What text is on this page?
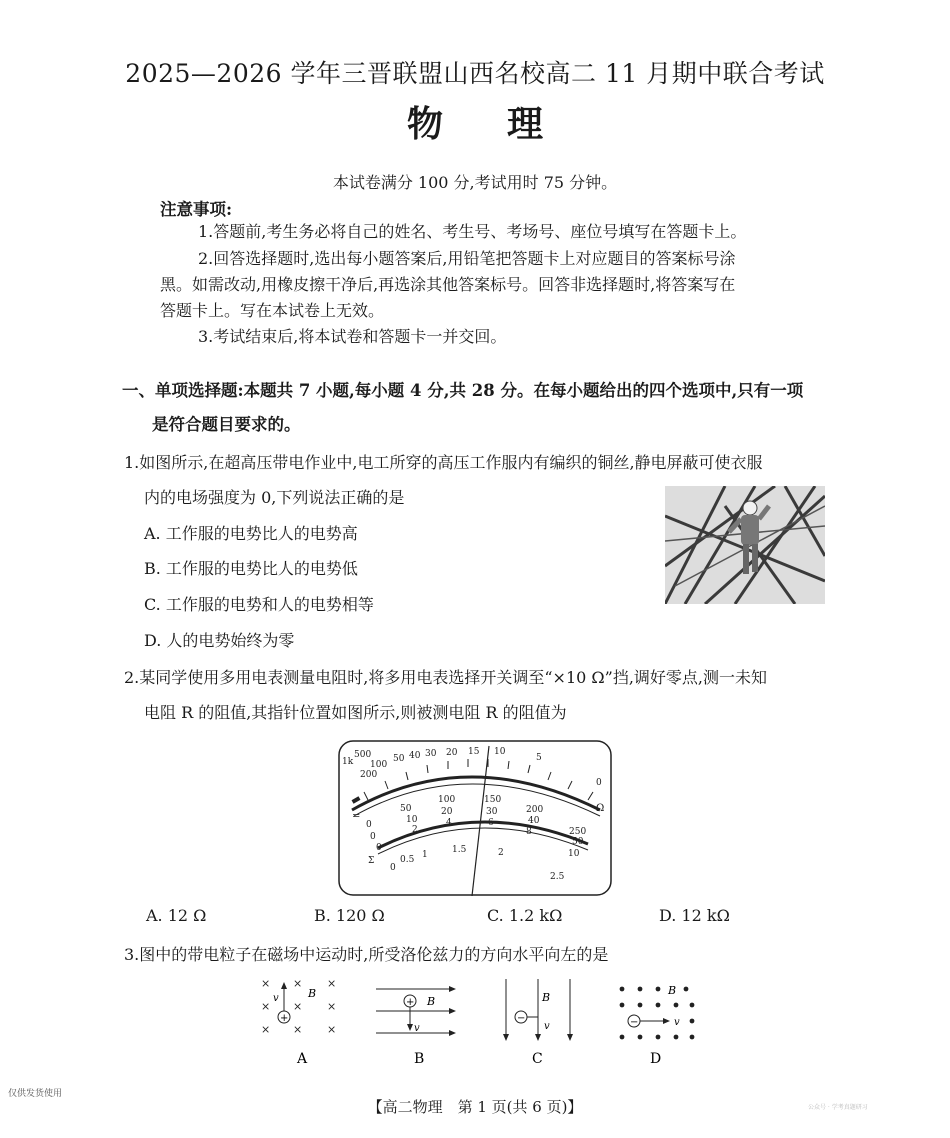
2025—2026 学年三晋联盟山西名校高二 11 月期中联合考试
物理
本试卷满分 100 分,考试用时 75 分钟。
注意事项:
1.答题前,考生务必将自己的姓名、考生号、考场号、座位号填写在答题卡上。
2.回答选择题时,选出每小题答案后,用铅笔把答题卡上对应题目的答案标号涂
黑。如需改动,用橡皮擦干净后,再选涂其他答案标号。回答非选择题时,将答案写在
答题卡上。写在本试卷上无效。
3.考试结束后,将本试卷和答题卡一并交回。
一、单项选择题:本题共 7 小题,每小题 4 分,共 28 分。在每小题给出的四个选项中,只有一项
是符合题目要求的。
1.如图所示,在超高压带电作业中,电工所穿的高压工作服内有编织的铜丝,静电屏蔽可使衣服
内的电场强度为 0,下列说法正确的是
A. 工作服的电势比人的电势高
B. 工作服的电势比人的电势低
C. 工作服的电势和人的电势相等
D. 人的电势始终为零
2.某同学使用多用电表测量电阻时,将多用电表选择开关调至“×10 Ω”挡,调好零点,测一未知
电阻 R 的阻值,其指针位置如图所示,则被测电阻 R 的阻值为
1k
500
200
100
50 40 30 20 15 10
5
0
Ω
=
0
50
100	150
200
250
0
10
20	30
40
50
0
2
4	6
8
10
Σ
0
0.5 1	1.5	2
2.5
A. 12 Ω	B. 120 Ω	C. 1.2 kΩ	D. 12 kΩ
3.图中的带电粒子在磁场中运动时,所受洛伦兹力的方向水平向左的是
× × ×
× × ×
× × ×
B
v
+
A
B
+
v
B
B
−
v
C
B
−	v
D
仅供发货使用
【高二物理　第 1 页(共 6 页)】	公众号 · 学考真题研习
